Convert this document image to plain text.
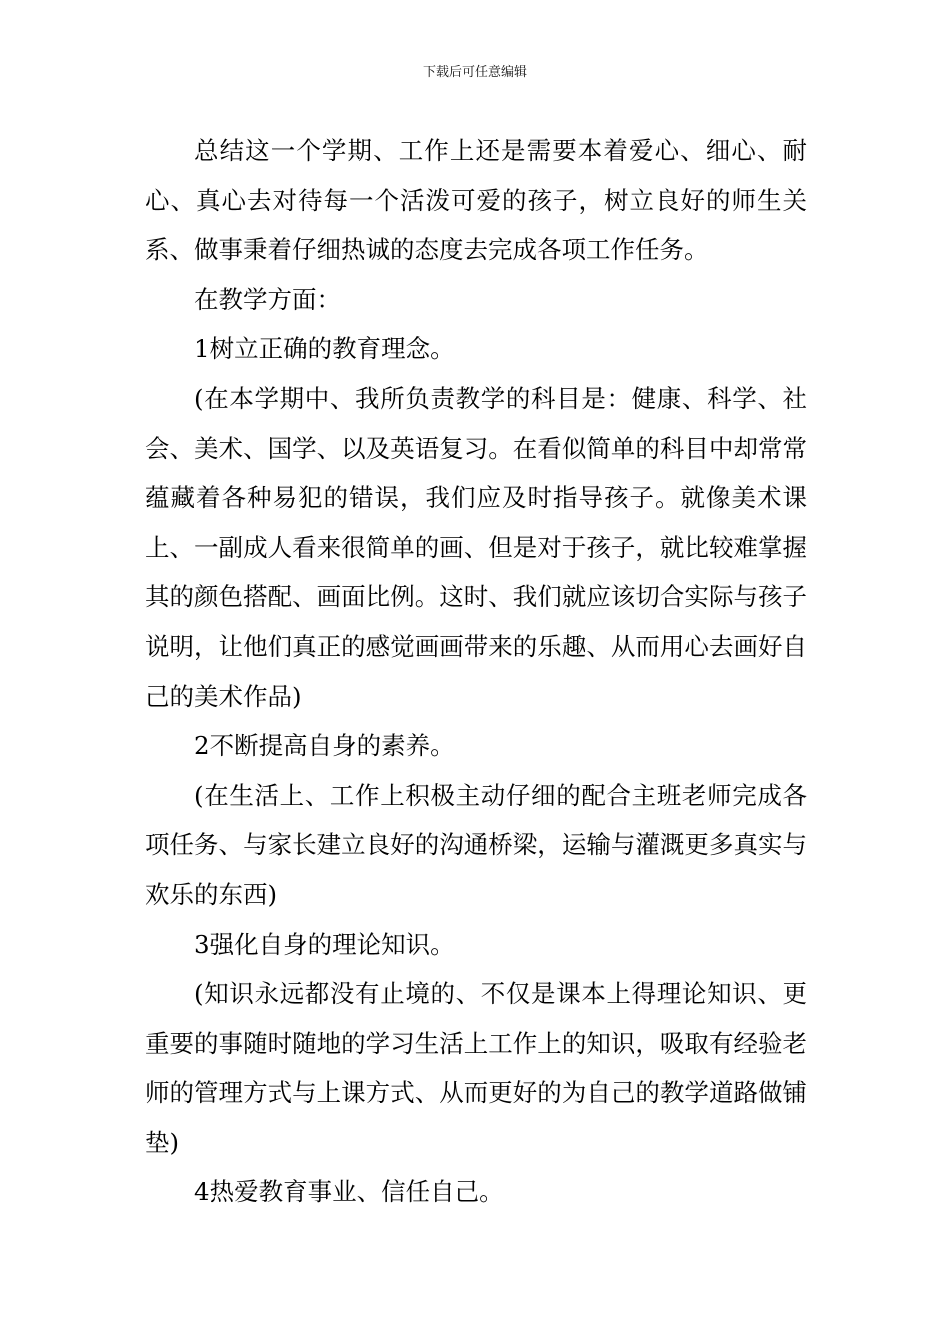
下载后可任意编辑

总结这一个学期、工作上还是需要本着爱心、细心、耐心、真心去对待每一个活泼可爱的孩子，树立良好的师生关系、做事秉着仔细热诚的态度去完成各项工作任务。

在教学方面：

1树立正确的教育理念。

(在本学期中、我所负责教学的科目是：健康、科学、社会、美术、国学、以及英语复习。在看似简单的科目中却常常蕴藏着各种易犯的错误，我们应及时指导孩子。就像美术课上、一副成人看来很简单的画、但是对于孩子，就比较难掌握其的颜色搭配、画面比例。这时、我们就应该切合实际与孩子说明，让他们真正的感觉画画带来的乐趣、从而用心去画好自己的美术作品)

2不断提高自身的素养。

(在生活上、工作上积极主动仔细的配合主班老师完成各项任务、与家长建立良好的沟通桥梁，运输与灌溉更多真实与欢乐的东西)

3强化自身的理论知识。

(知识永远都没有止境的、不仅是课本上得理论知识、更重要的事随时随地的学习生活上工作上的知识，吸取有经验老师的管理方式与上课方式、从而更好的为自己的教学道路做铺垫)

4热爱教育事业、信任自己。
